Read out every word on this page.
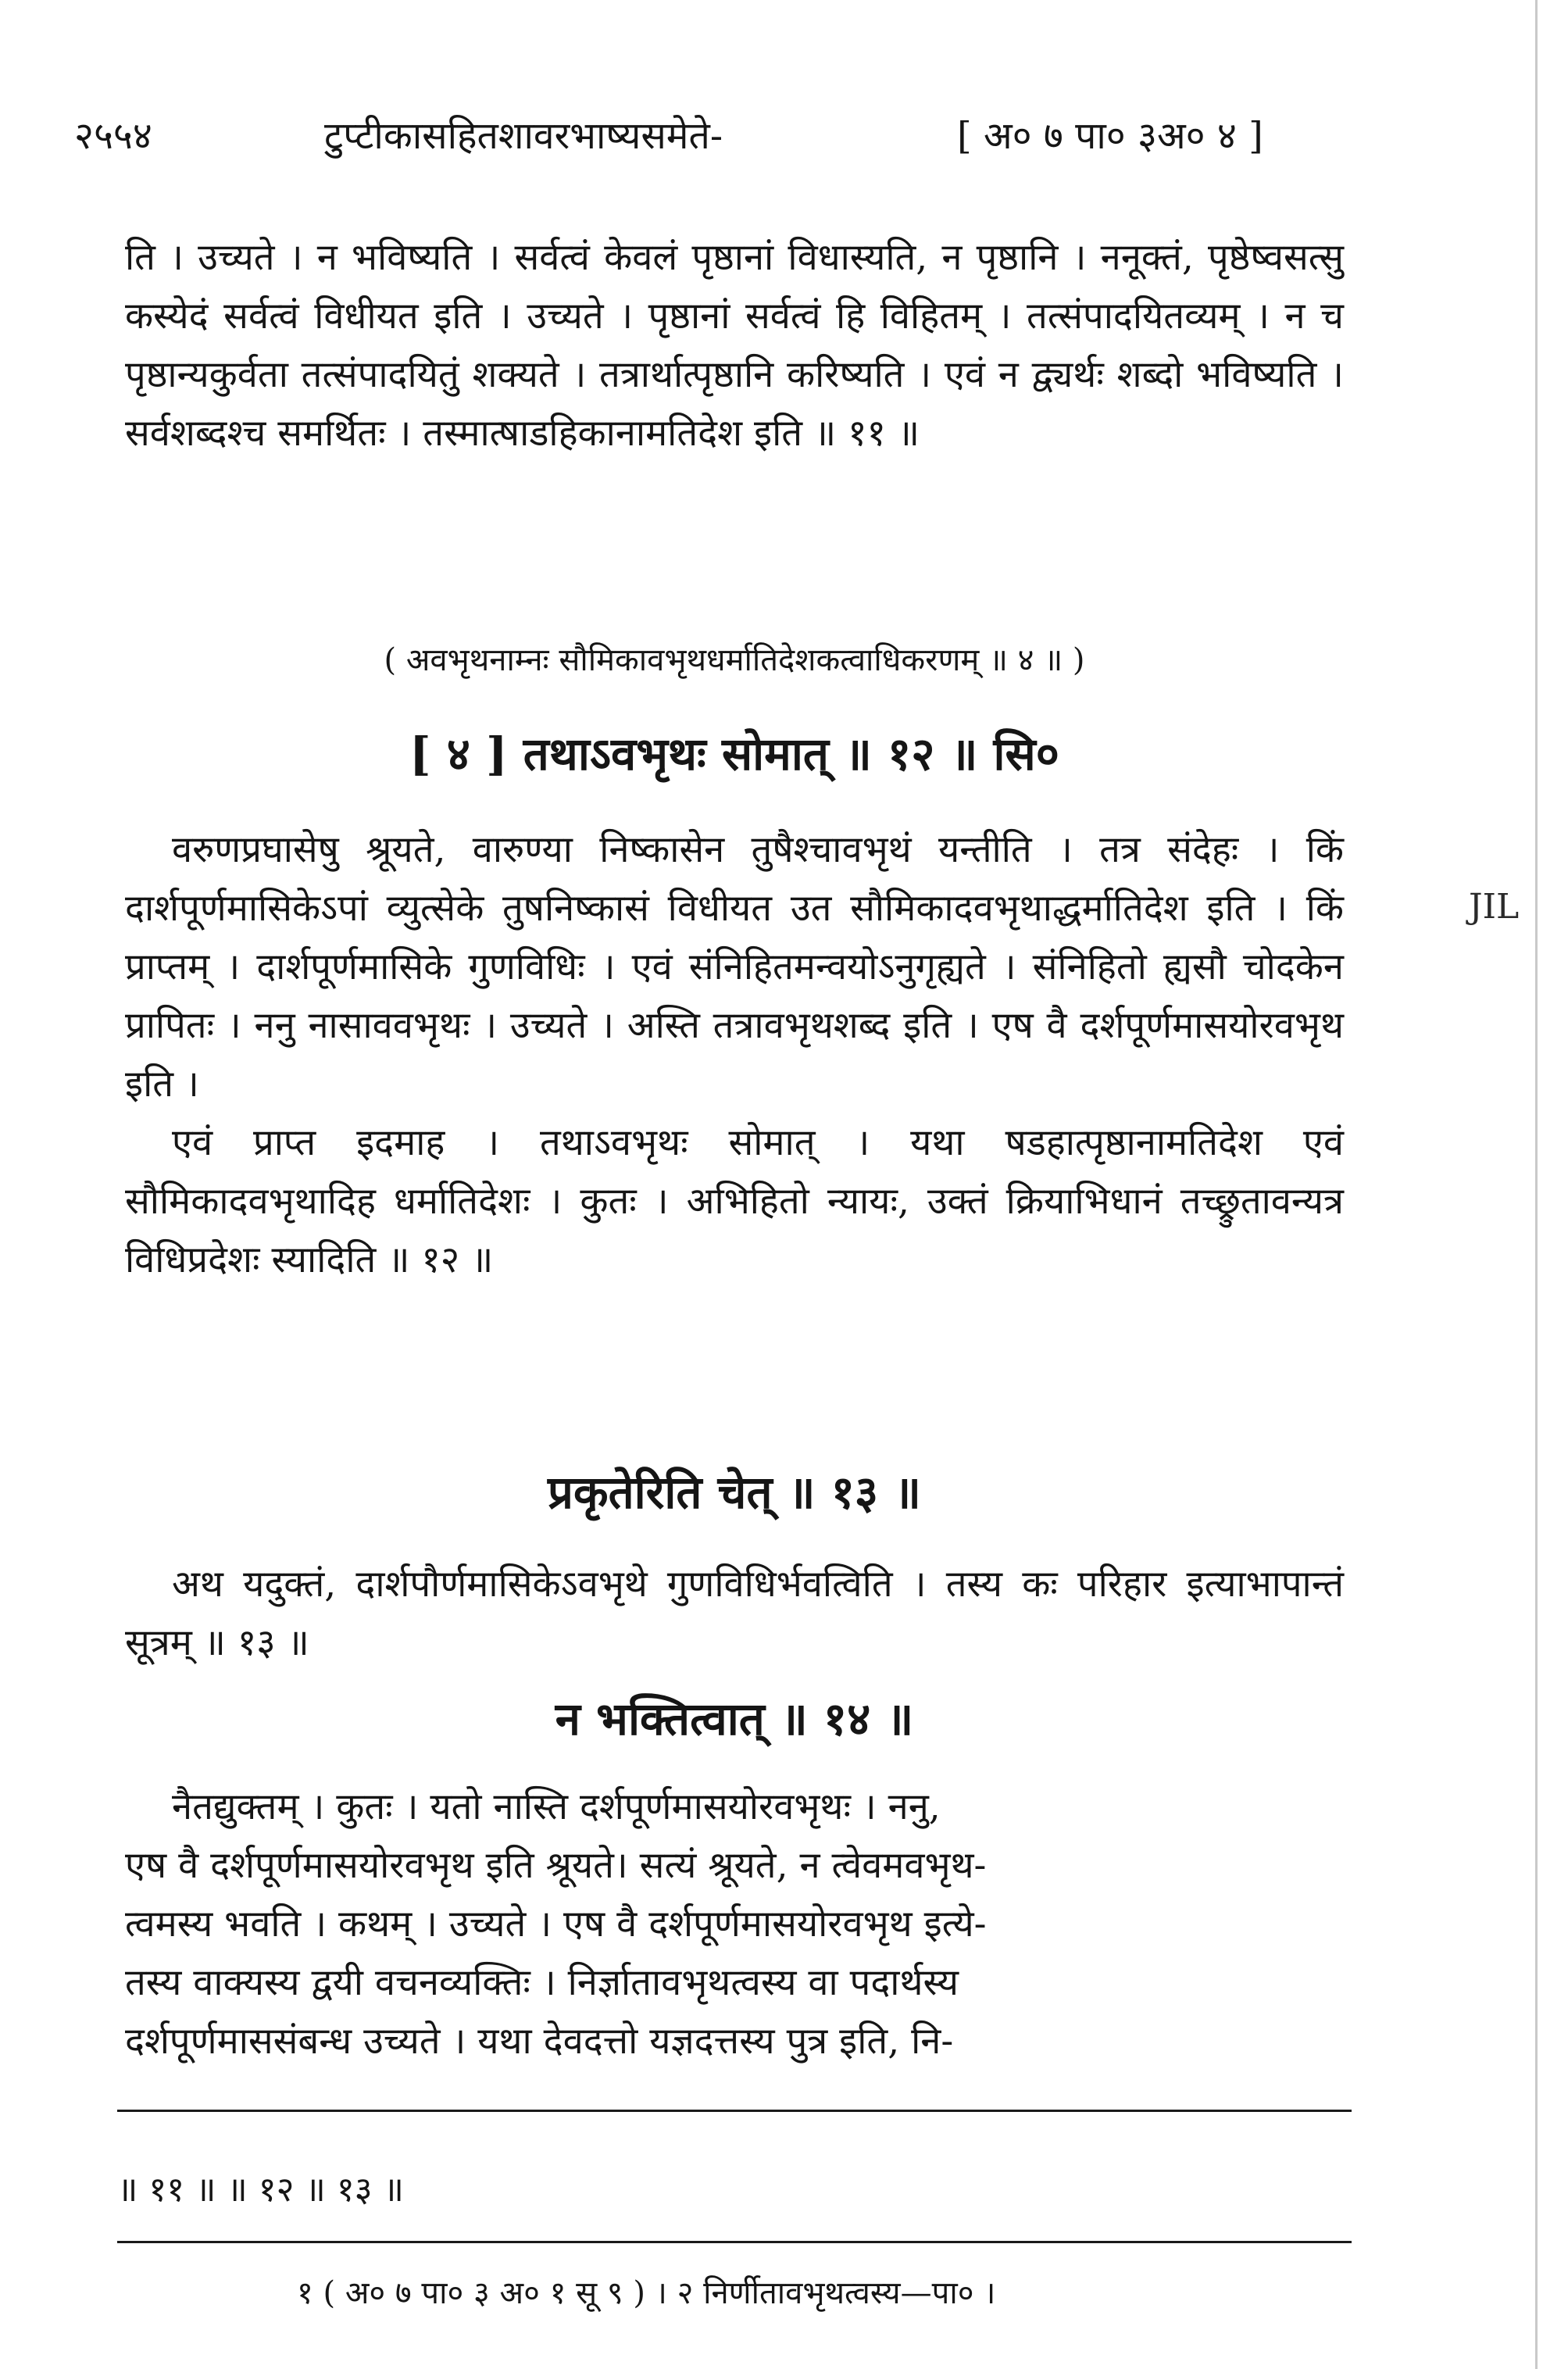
JIL
२५५४	टुप्टीकासहितशावरभाष्यसमेते-	[ अ० ७ पा० ३अ० ४ ]

ति । उच्यते । न भविष्यति । सर्वत्वं केवलं पृष्ठानां विधास्यति, न पृष्ठानि । ननूक्तं, पृष्ठेष्वसत्सु कस्येदं सर्वत्वं विधीयत इति । उच्यते । पृष्ठानां सर्वत्वं हि विहितम् । तत्संपादयितव्यम् । न च पृष्ठान्यकुर्वता तत्संपादयितुं शक्यते । तत्रार्थात्पृष्ठानि करिष्यति । एवं न द्व्यर्थः शब्दो भविष्यति । सर्वशब्दश्च समर्थितः । तस्मात्षाडहिकानामतिदेश इति ॥ ११ ॥

( अवभृथनाम्नः सौमिकावभृथधर्मातिदेशकत्वाधिकरणम् ॥ ४ ॥ )
[ ४ ] तथाऽवभृथः सोमात् ॥ १२ ॥ सि०

वरुणप्रघासेषु श्रूयते, वारुण्या निष्कासेन तुषैश्चावभृथं यन्तीति । तत्र संदेहः । किं दार्शपूर्णमासिकेऽपां व्युत्सेके तुषनिष्कासं विधीयत उत सौमिकादवभृथाद्धर्मातिदेश इति । किं प्राप्तम् । दार्शपूर्णमासिके गुणविधिः । एवं संनिहितमन्वयोऽनुगृह्यते । संनिहितो ह्यसौ चोदकेन प्रापितः । ननु नासाववभृथः । उच्यते । अस्ति तत्रावभृथशब्द इति । एष वै दर्शपूर्णमासयोरवभृथ इति ।

एवं प्राप्त इदमाह । तथाऽवभृथः सोमात् । यथा षडहात्पृष्ठानामतिदेश एवं सौमिकादवभृथादिह धर्मातिदेशः । कुतः । अभिहितो न्यायः, उक्तं क्रियाभिधानं तच्छ्रुतावन्यत्र विधिप्रदेशः स्यादिति ॥ १२ ॥

प्रकृतेरिति चेत् ॥ १३ ॥

अथ यदुक्तं, दार्शपौर्णमासिकेऽवभृथे गुणविधिर्भवत्विति । तस्य कः परिहार इत्याभापान्तं सूत्रम् ॥ १३ ॥

न भक्तित्वात् ॥ १४ ॥
नैतद्युक्तम् । कुतः । यतो नास्ति दर्शपूर्णमासयोरवभृथः । ननु,
एष वै दर्शपूर्णमासयोरवभृथ इति श्रूयते। सत्यं श्रूयते, न त्वेवमवभृथ-
त्वमस्य भवति । कथम् । उच्यते । एष वै दर्शपूर्णमासयोरवभृथ इत्ये-
तस्य वाक्यस्य द्वयी वचनव्यक्तिः । निर्ज्ञातावभृथत्वस्य वा पदार्थस्य
दर्शपूर्णमाससंबन्ध उच्यते । यथा देवदत्तो यज्ञदत्तस्य पुत्र इति, नि-
॥ ११ ॥ ॥ १२ ॥ १३ ॥
१ ( अ० ७ पा० ३ अ० १ सू ९ ) । २ निर्णीतावभृथत्वस्य—पा० ।
